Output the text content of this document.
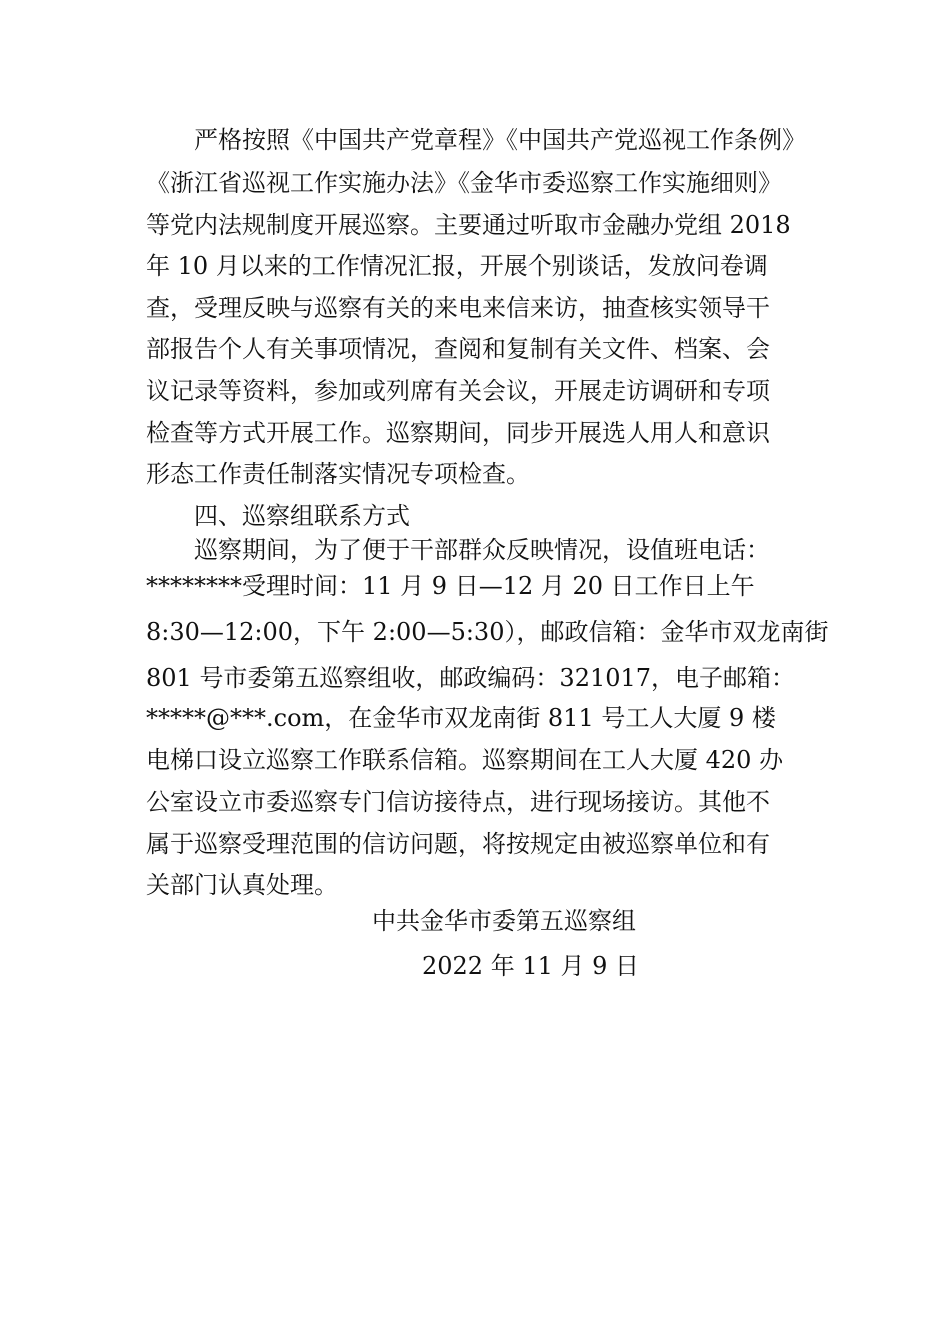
　　严格按照《中国共产党章程》《中国共产党巡视工作条例》
《浙江省巡视工作实施办法》《金华市委巡察工作实施细则》
等党内法规制度开展巡察。主要通过听取市金融办党组 2018
年 10 月以来的工作情况汇报，开展个别谈话，发放问卷调
查，受理反映与巡察有关的来电来信来访，抽查核实领导干
部报告个人有关事项情况，查阅和复制有关文件、档案、会
议记录等资料，参加或列席有关会议，开展走访调研和专项
检查等方式开展工作。巡察期间，同步开展选人用人和意识
形态工作责任制落实情况专项检查。
　　四、巡察组联系方式
　　巡察期间，为了便于干部群众反映情况，设值班电话：
********受理时间：11 月 9 日—12 月 20 日工作日上午
8:30—12:00，下午 2:00—5:30），邮政信箱：金华市双龙南街
801 号市委第五巡察组收，邮政编码：321017，电子邮箱：
*****@***.com，在金华市双龙南街 811 号工人大厦 9 楼
电梯口设立巡察工作联系信箱。巡察期间在工人大厦 420 办
公室设立市委巡察专门信访接待点，进行现场接访。其他不
属于巡察受理范围的信访问题，将按规定由被巡察单位和有
关部门认真处理。
中共金华市委第五巡察组
2022 年 11 月 9 日
